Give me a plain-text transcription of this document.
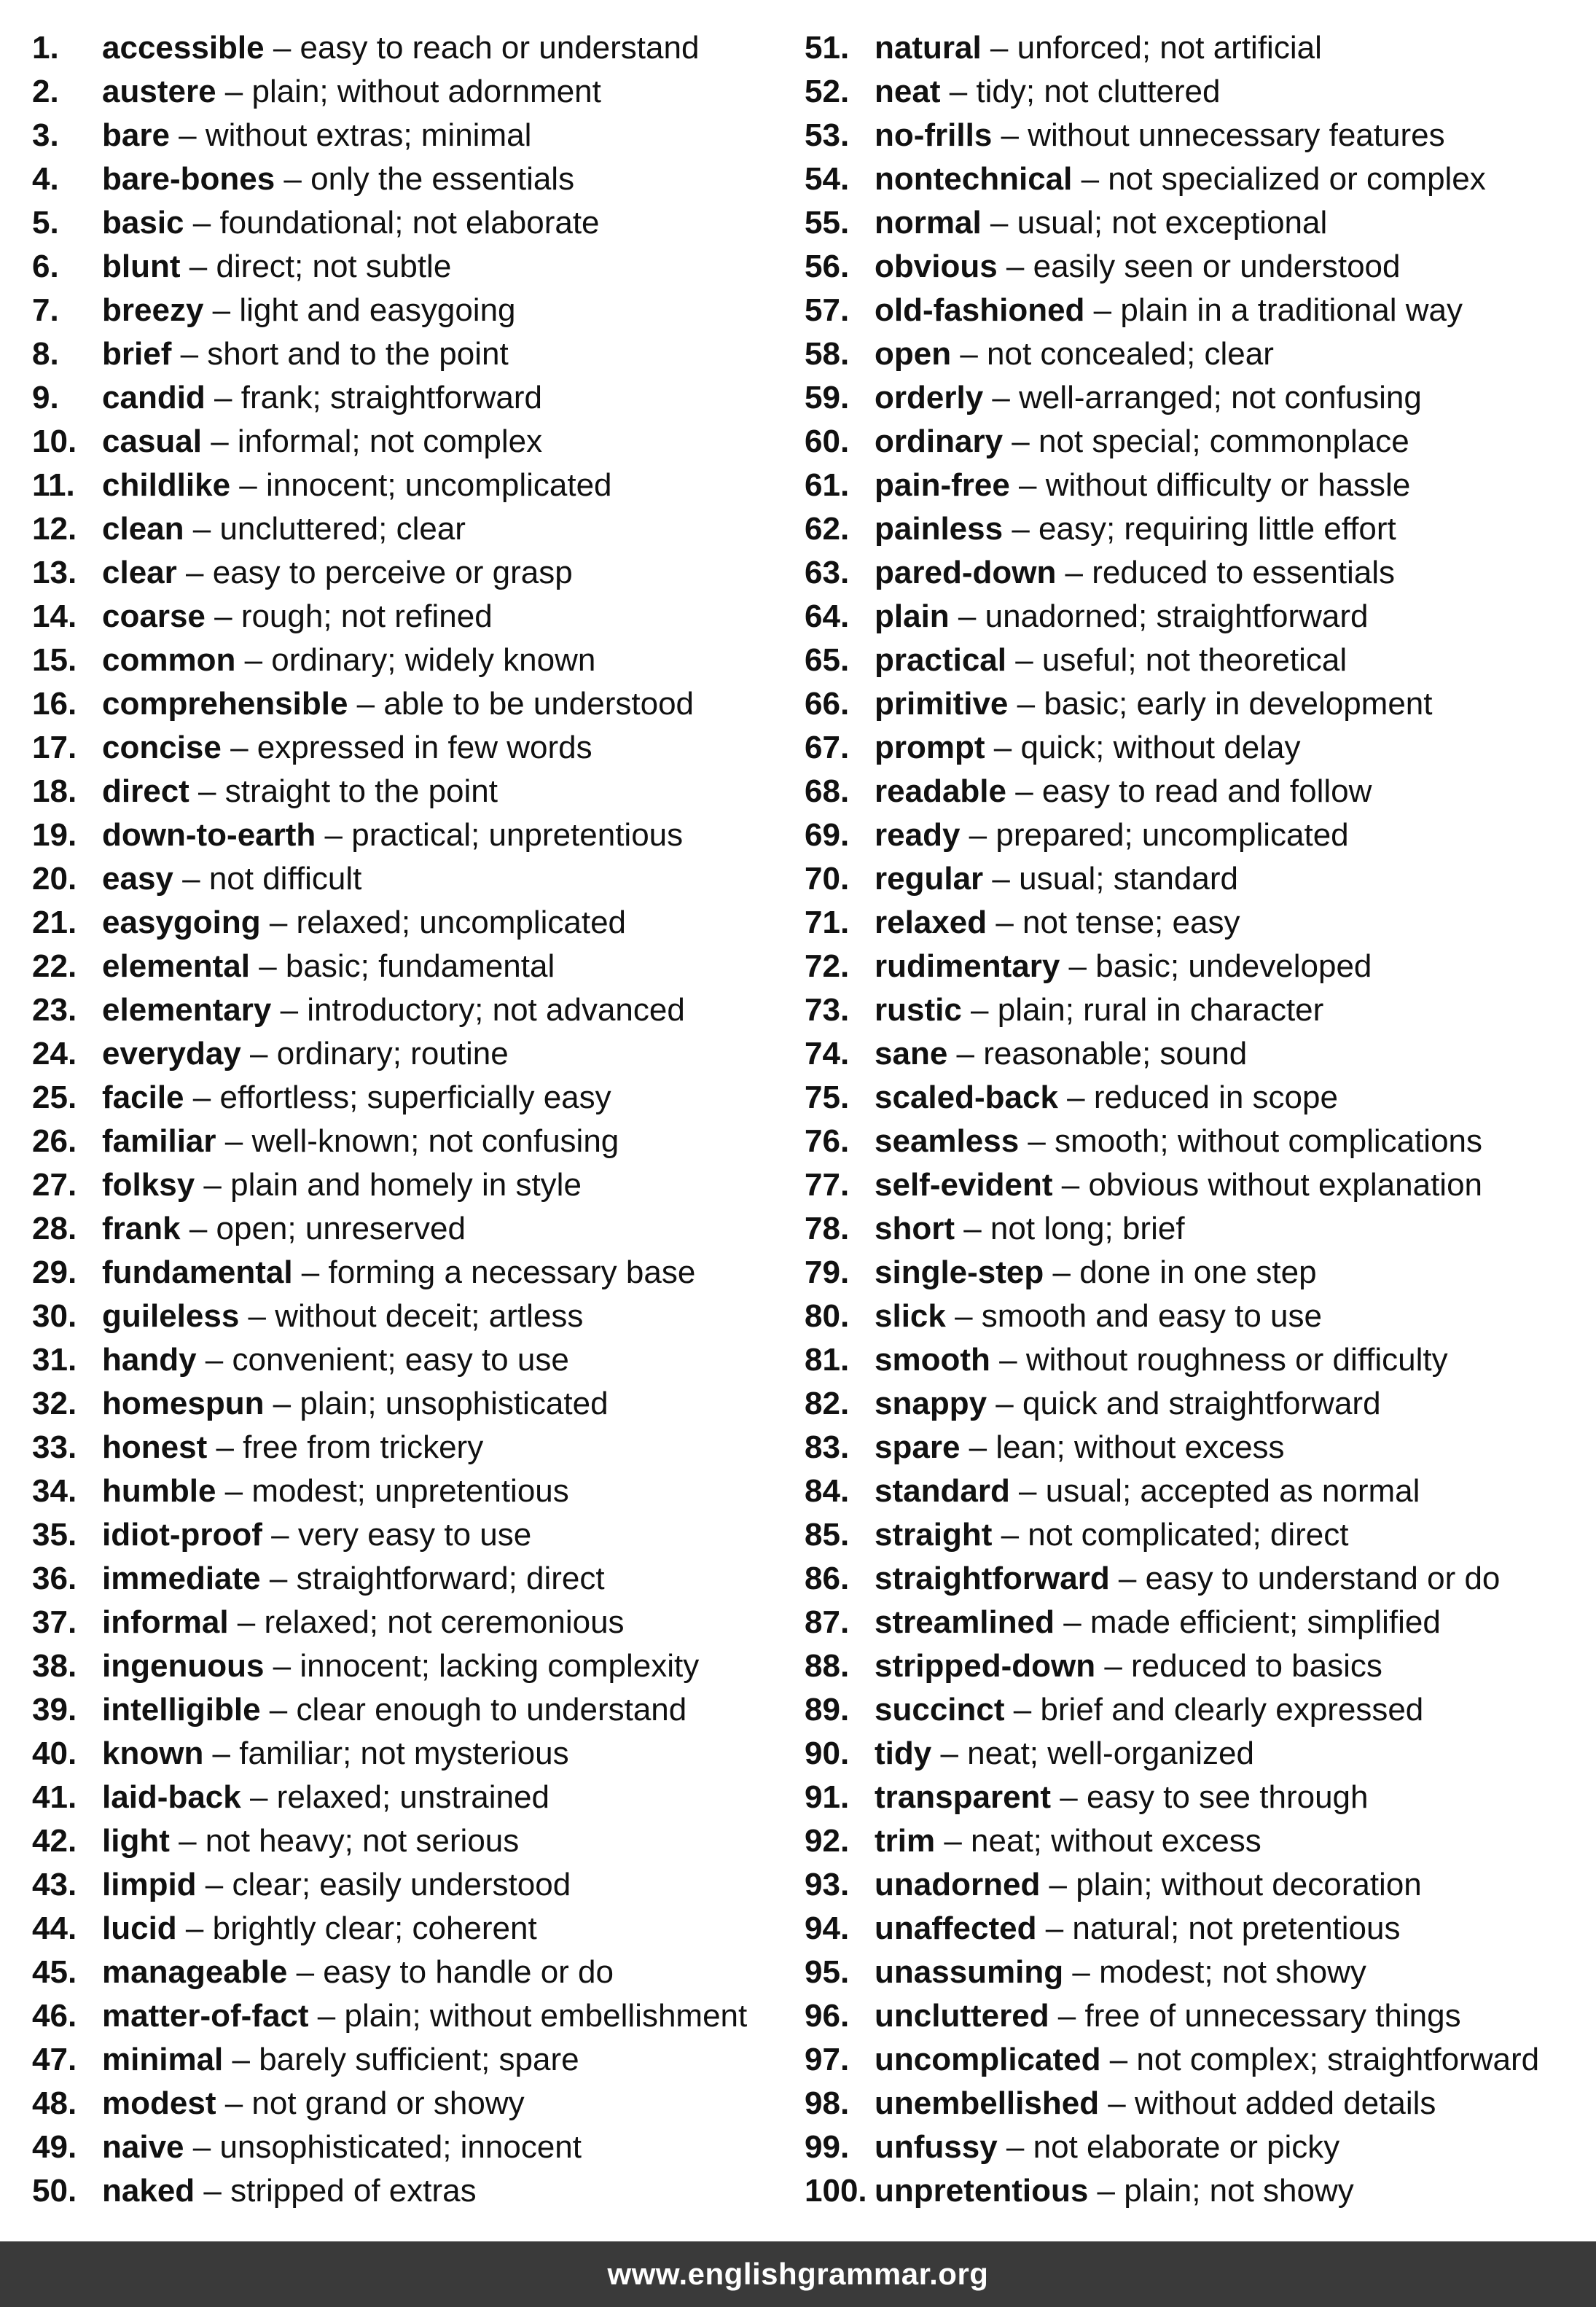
1. accessible – easy to reach or understand
2. austere – plain; without adornment
3. bare – without extras; minimal
4. bare-bones – only the essentials
5. basic – foundational; not elaborate
6. blunt – direct; not subtle
7. breezy – light and easygoing
8. brief – short and to the point
9. candid – frank; straightforward
10. casual – informal; not complex
11. childlike – innocent; uncomplicated
12. clean – uncluttered; clear
13. clear – easy to perceive or grasp
14. coarse – rough; not refined
15. common – ordinary; widely known
16. comprehensible – able to be understood
17. concise – expressed in few words
18. direct – straight to the point
19. down-to-earth – practical; unpretentious
20. easy – not difficult
21. easygoing – relaxed; uncomplicated
22. elemental – basic; fundamental
23. elementary – introductory; not advanced
24. everyday – ordinary; routine
25. facile – effortless; superficially easy
26. familiar – well-known; not confusing
27. folksy – plain and homely in style
28. frank – open; unreserved
29. fundamental – forming a necessary base
30. guileless – without deceit; artless
31. handy – convenient; easy to use
32. homespun – plain; unsophisticated
33. honest – free from trickery
34. humble – modest; unpretentious
35. idiot-proof – very easy to use
36. immediate – straightforward; direct
37. informal – relaxed; not ceremonious
38. ingenuous – innocent; lacking complexity
39. intelligible – clear enough to understand
40. known – familiar; not mysterious
41. laid-back – relaxed; unstrained
42. light – not heavy; not serious
43. limpid – clear; easily understood
44. lucid – brightly clear; coherent
45. manageable – easy to handle or do
46. matter-of-fact – plain; without embellishment
47. minimal – barely sufficient; spare
48. modest – not grand or showy
49. naive – unsophisticated; innocent
50. naked – stripped of extras
51. natural – unforced; not artificial
52. neat – tidy; not cluttered
53. no-frills – without unnecessary features
54. nontechnical – not specialized or complex
55. normal – usual; not exceptional
56. obvious – easily seen or understood
57. old-fashioned – plain in a traditional way
58. open – not concealed; clear
59. orderly – well-arranged; not confusing
60. ordinary – not special; commonplace
61. pain-free – without difficulty or hassle
62. painless – easy; requiring little effort
63. pared-down – reduced to essentials
64. plain – unadorned; straightforward
65. practical – useful; not theoretical
66. primitive – basic; early in development
67. prompt – quick; without delay
68. readable – easy to read and follow
69. ready – prepared; uncomplicated
70. regular – usual; standard
71. relaxed – not tense; easy
72. rudimentary – basic; undeveloped
73. rustic – plain; rural in character
74. sane – reasonable; sound
75. scaled-back – reduced in scope
76. seamless – smooth; without complications
77. self-evident – obvious without explanation
78. short – not long; brief
79. single-step – done in one step
80. slick – smooth and easy to use
81. smooth – without roughness or difficulty
82. snappy – quick and straightforward
83. spare – lean; without excess
84. standard – usual; accepted as normal
85. straight – not complicated; direct
86. straightforward – easy to understand or do
87. streamlined – made efficient; simplified
88. stripped-down – reduced to basics
89. succinct – brief and clearly expressed
90. tidy – neat; well-organized
91. transparent – easy to see through
92. trim – neat; without excess
93. unadorned – plain; without decoration
94. unaffected – natural; not pretentious
95. unassuming – modest; not showy
96. uncluttered – free of unnecessary things
97. uncomplicated – not complex; straightforward
98. unembellished – without added details
99. unfussy – not elaborate or picky
100. unpretentious – plain; not showy
www.englishgrammar.org
